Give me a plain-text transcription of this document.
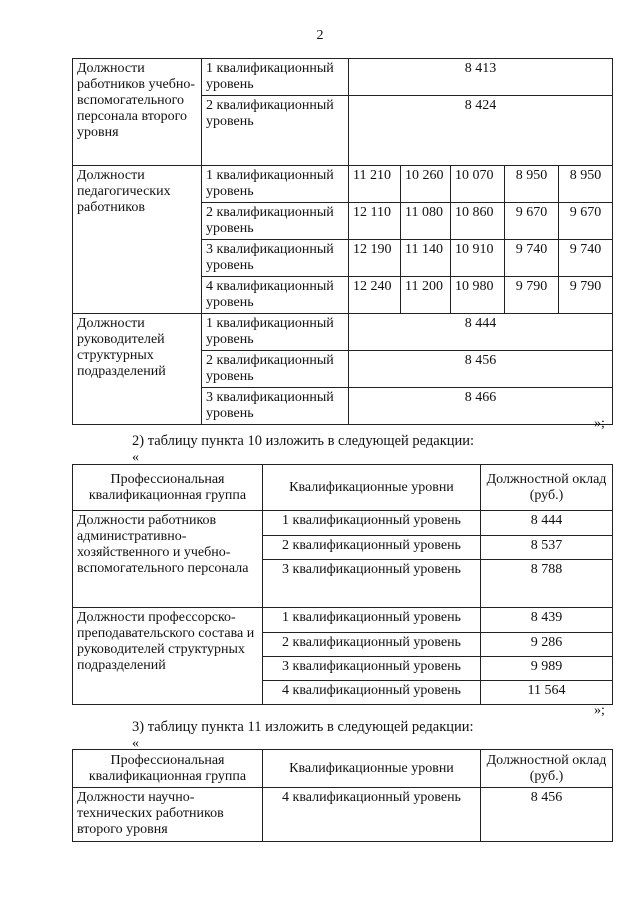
2
Должности работников учебно-вспомогательного персонала второго уровня	1 квалификационный уровень	8 413				
	2 квалификационный уровень	8 424				
Должности педагогических работников	1 квалификационный уровень	11 210	10 260	10 070	8 950	8 950
	2 квалификационный уровень	12 110	11 080	10 860	9 670	9 670
	3 квалификационный уровень	12 190	11 140	10 910	9 740	9 740
	4 квалификационный уровень	12 240	11 200	10 980	9 790	9 790
Должности руководителей структурных подразделений	1 квалификационный уровень	8 444				
	2 квалификационный уровень	8 456				
	3 квалификационный уровень	8 466				
»;
2) таблицу пункта 10 изложить в следующей редакции:
«
Профессиональная квалификационная группа	Квалификационные уровни	Должностной оклад (руб.)
Должности работников административно-хозяйственного и учебно-вспомогательного персонала	1 квалификационный уровень	8 444
	2 квалификационный уровень	8 537
	3 квалификационный уровень	8 788
Должности профессорско-преподавательского состава и руководителей структурных подразделений	1 квалификационный уровень	8 439
	2 квалификационный уровень	9 286
	3 квалификационный уровень	9 989
	4 квалификационный уровень	11 564
»;
3) таблицу пункта 11 изложить в следующей редакции:
«
Профессиональная квалификационная группа	Квалификационные уровни	Должностной оклад (руб.)
Должности научно-технических работников второго уровня	4 квалификационный уровень	8 456
